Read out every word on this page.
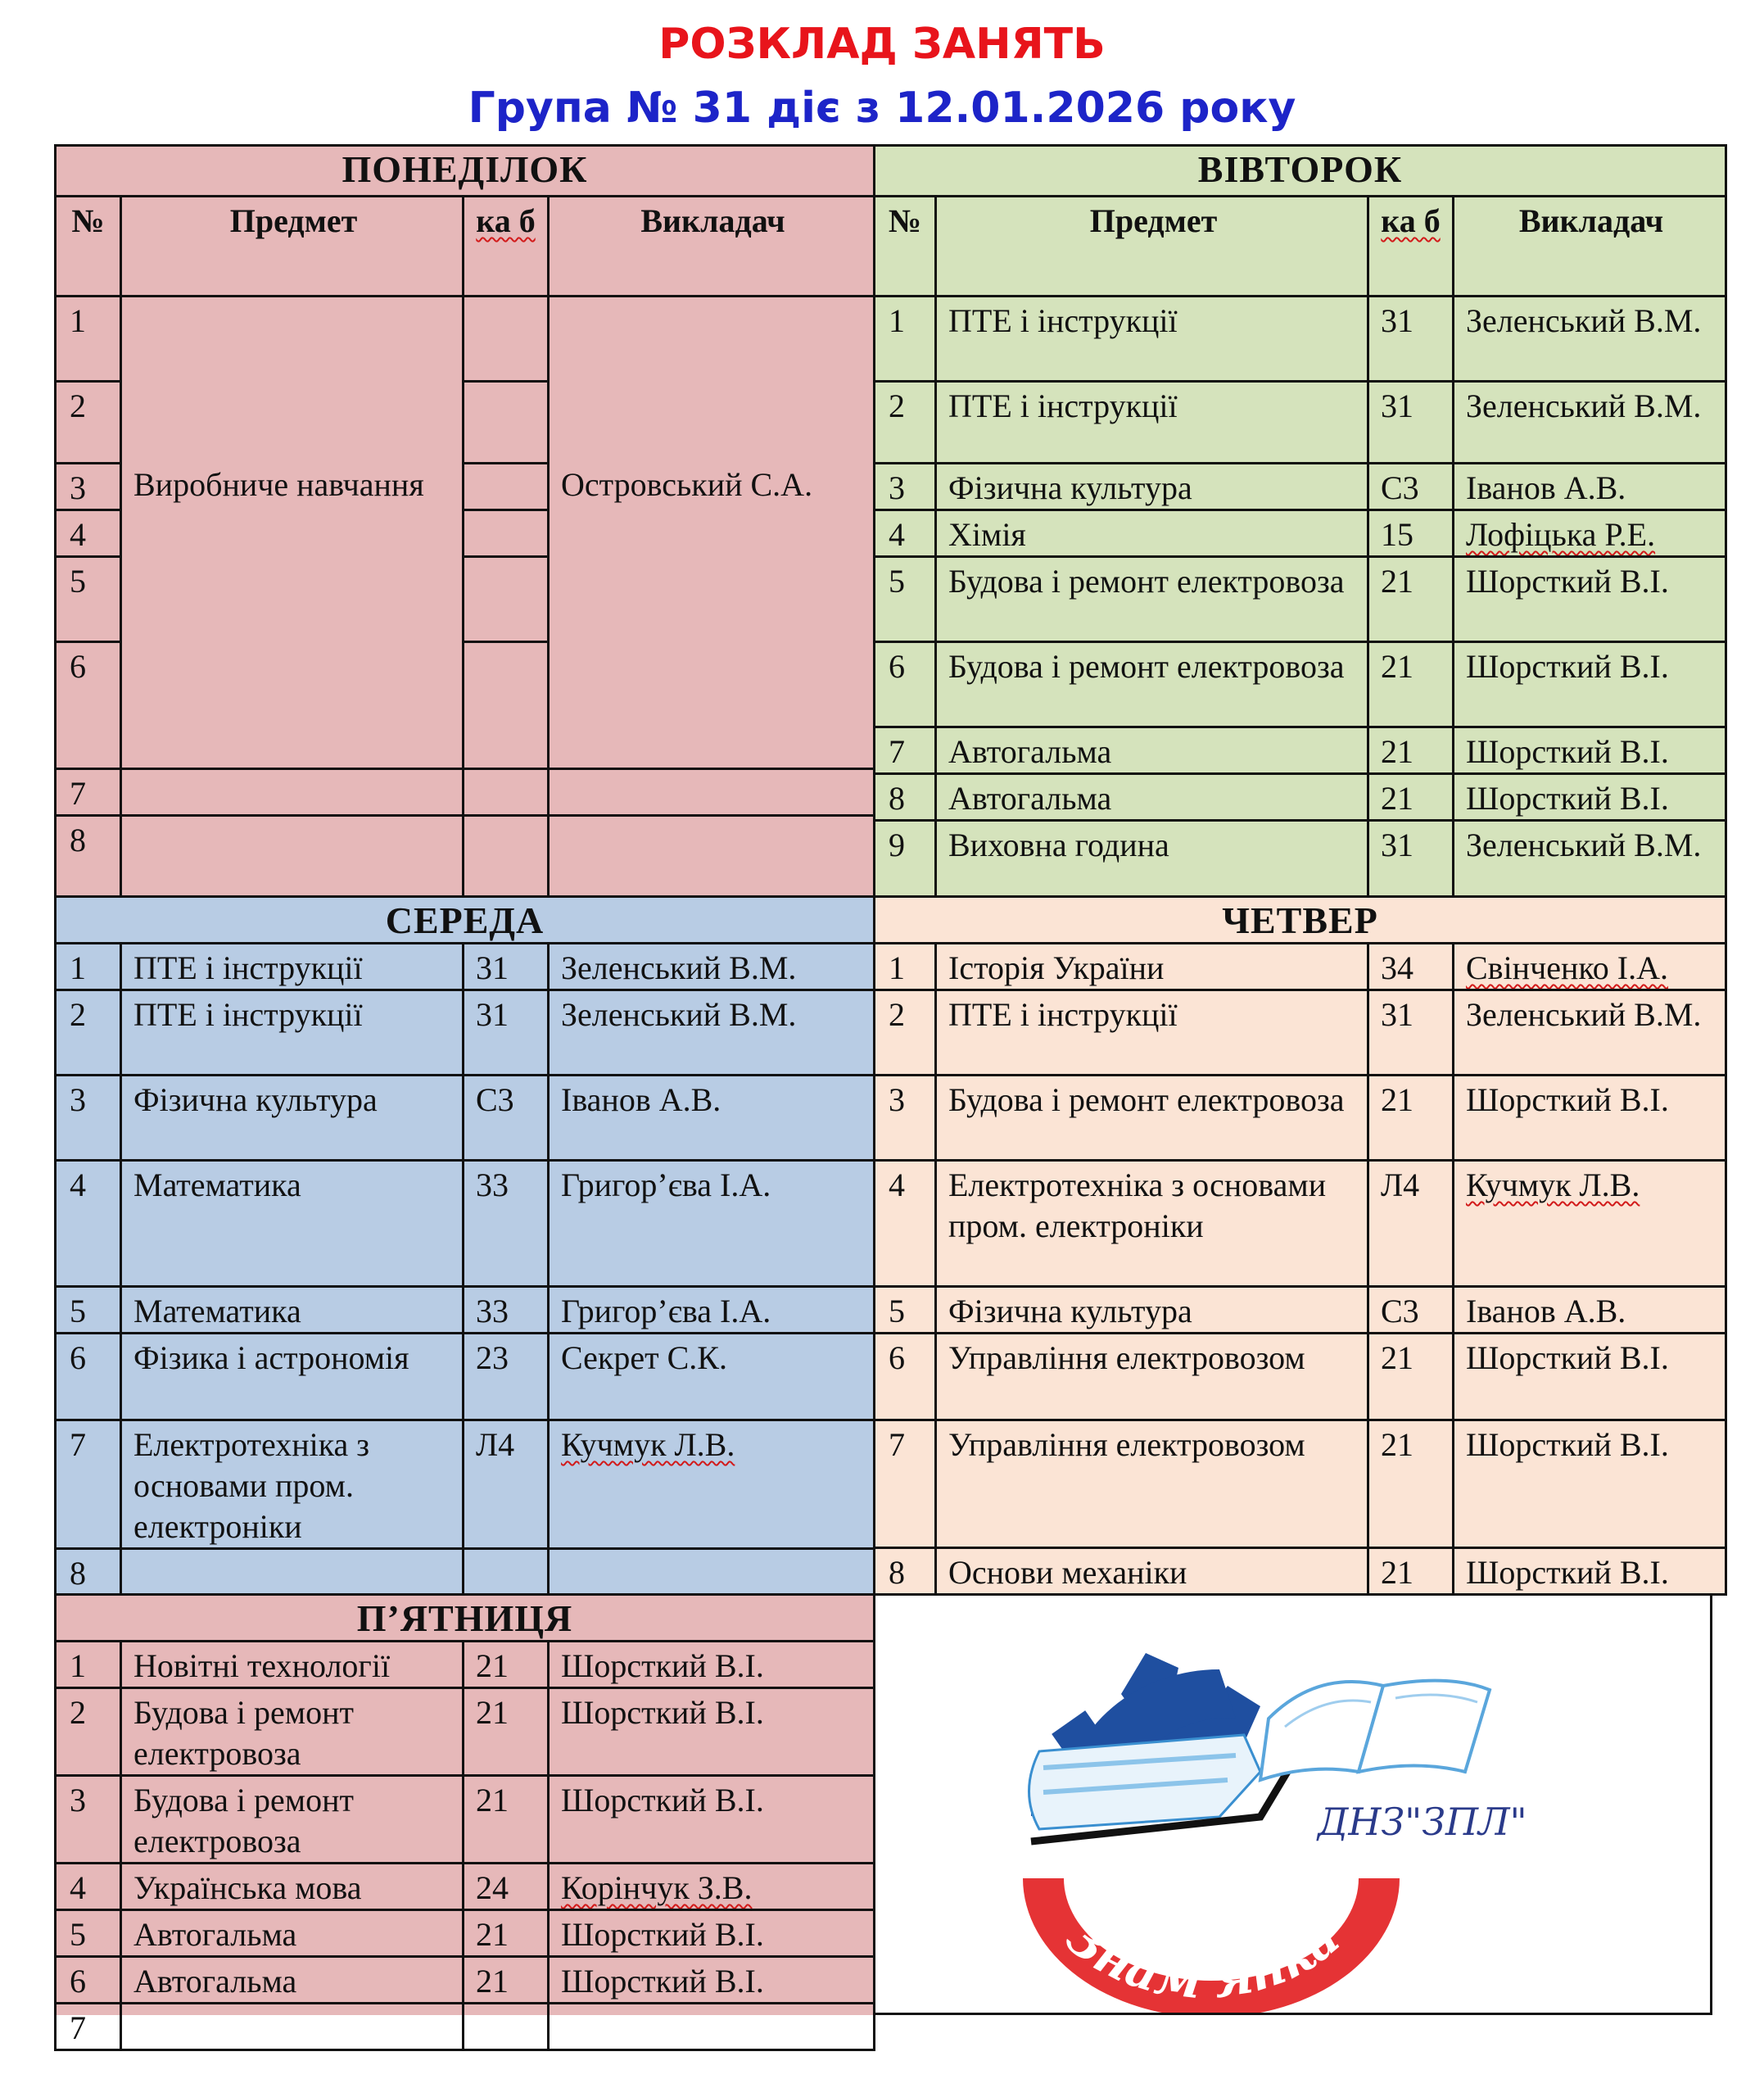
РОЗКЛАД ЗАНЯТЬ
Група № 31 діє з 12.01.2026 року
ПОНЕДІЛОК			
№	Предмет	ка б	Викладач
1	Виробниче навчання		Островський С.А.
2			
3			
4			
5			
6			
7			
8			
ВІВТОРОК			
№	Предмет	ка б	Викладач
1	ПТЕ і інструкції	31	Зеленський В.М.
2	ПТЕ і інструкції	31	Зеленський В.М.
3	Фізична культура	С3	Іванов А.В.
4	Хімія	15	Лофіцька Р.Е.
5	Будова і ремонт електровоза	21	Шорсткий В.І.
6	Будова і ремонт електровоза	21	Шорсткий В.І.
7	Автогальма	21	Шорсткий В.І.
8	Автогальма	21	Шорсткий В.І.
9	Виховна година	31	Зеленський В.М.
СЕРЕДА			
1	ПТЕ і інструкції	31	Зеленський В.М.
2	ПТЕ і інструкції	31	Зеленський В.М.
3	Фізична культура	С3	Іванов А.В.
4	Математика	33	Григор’єва І.А.
5	Математика	33	Григор’єва І.А.
6	Фізика і астрономія	23	Секрет С.К.
7	Електротехніка з основами пром. електроніки	Л4	Кучмук Л.В.
8			
ЧЕТВЕР			
1	Історія України	34	Свінченко І.А.
2	ПТЕ і інструкції	31	Зеленський В.М.
3	Будова і ремонт електровоза	21	Шорсткий В.І.
4	Електротехніка з основами пром. електроніки	Л4	Кучмук Л.В.
5	Фізична культура	С3	Іванов А.В.
6	Управління електровозом	21	Шорсткий В.І.
7	Управління електровозом	21	Шорсткий В.І.
8	Основи механіки	21	Шорсткий В.І.
П’ЯТНИЦЯ			
1	Новітні технології	21	Шорсткий В.І.
2	Будова і ремонт електровоза	21	Шорсткий В.І.
3	Будова і ремонт електровоза	21	Шорсткий В.І.
4	Українська мова	24	Корінчук З.В.
5	Автогальма	21	Шорсткий В.І.
6	Автогальма	21	Шорсткий В.І.
7			
Знам’янка
ДНЗ"ЗПЛ"
